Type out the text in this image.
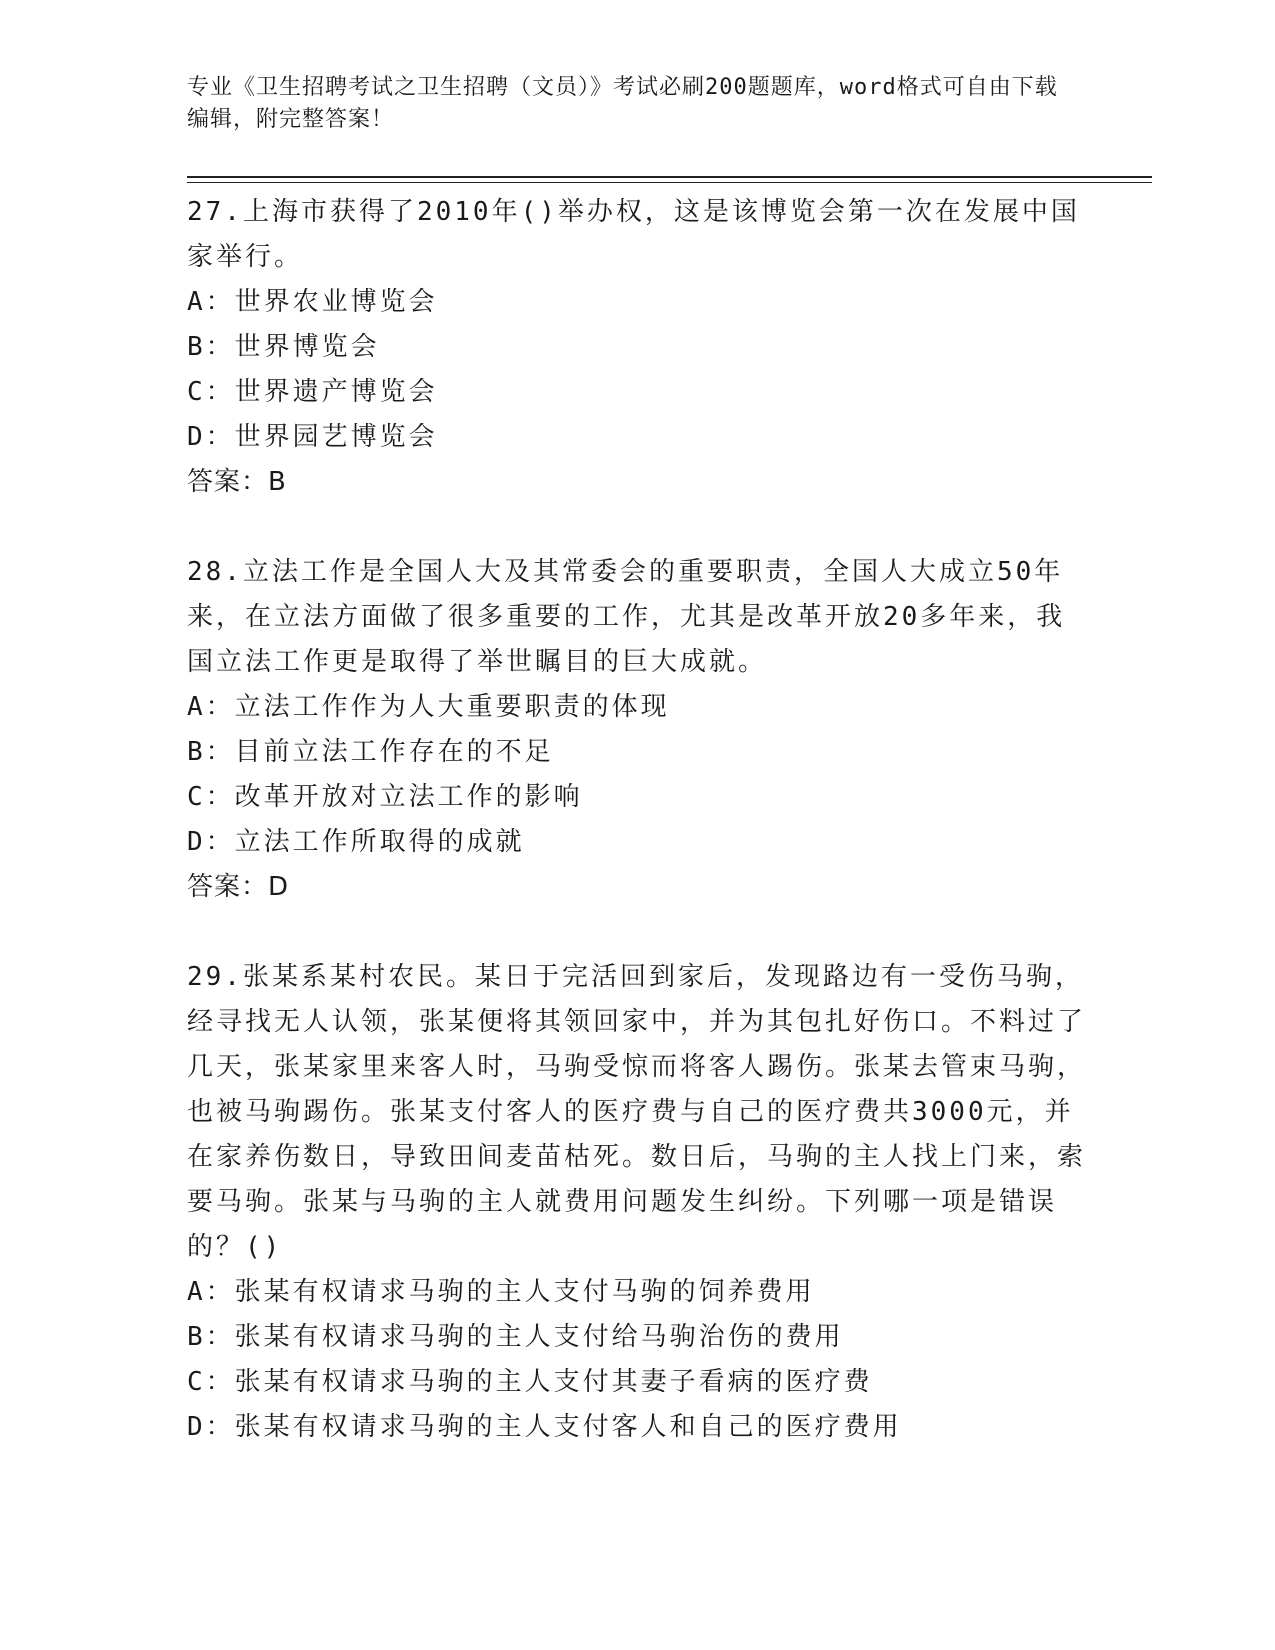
专业《卫生招聘考试之卫生招聘（文员）》考试必刷200题题库，word格式可自由下载编辑，附完整答案！

27.上海市获得了2010年()举办权，这是该博览会第一次在发展中国家举行。

A：世界农业博览会

B：世界博览会

C：世界遗产博览会

D：世界园艺博览会

答案：B

28.立法工作是全国人大及其常委会的重要职责，全国人大成立50年来，在立法方面做了很多重要的工作，尤其是改革开放20多年来，我国立法工作更是取得了举世瞩目的巨大成就。

A：立法工作作为人大重要职责的体现

B：目前立法工作存在的不足

C：改革开放对立法工作的影响

D：立法工作所取得的成就

答案：D

29.张某系某村农民。某日于完活回到家后，发现路边有一受伤马驹，经寻找无人认领，张某便将其领回家中，并为其包扎好伤口。不料过了几天，张某家里来客人时，马驹受惊而将客人踢伤。张某去管束马驹，也被马驹踢伤。张某支付客人的医疗费与自己的医疗费共3000元，并在家养伤数日，导致田间麦苗枯死。数日后，马驹的主人找上门来，索要马驹。张某与马驹的主人就费用问题发生纠纷。下列哪一项是错误的？()

A：张某有权请求马驹的主人支付马驹的饲养费用

B：张某有权请求马驹的主人支付给马驹治伤的费用

C：张某有权请求马驹的主人支付其妻子看病的医疗费

D：张某有权请求马驹的主人支付客人和自己的医疗费用
